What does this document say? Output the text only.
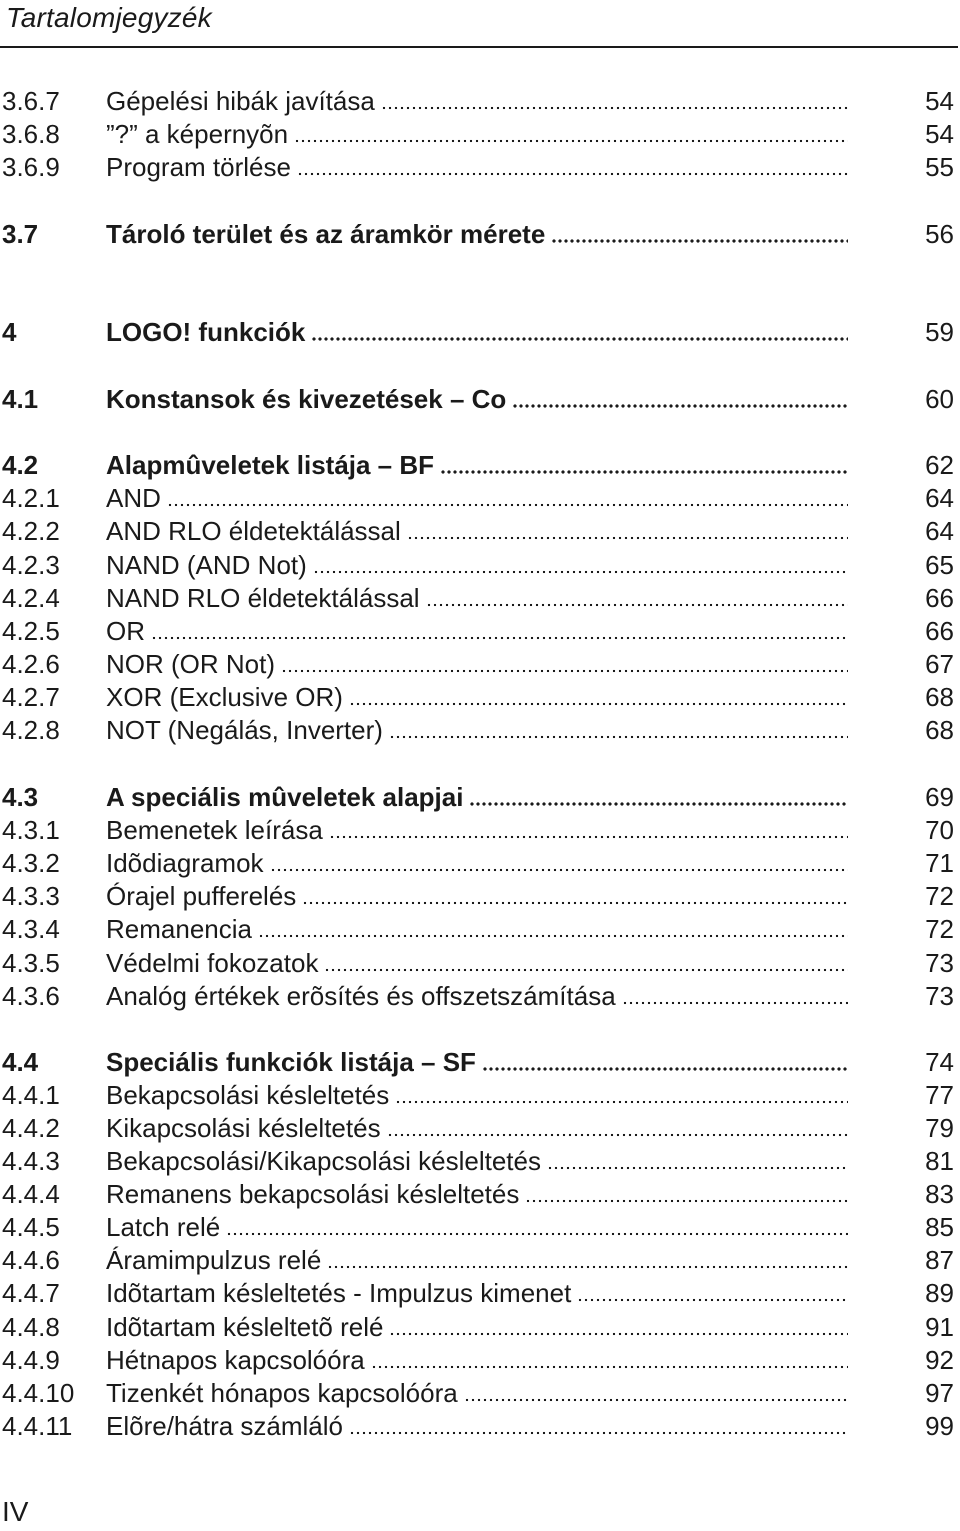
Tartalomjegyzék
3.6.7 Gépelési hibák javítása	54
3.6.8 ”?” a képernyõn	54
3.6.9 Program törlése	55
3.7	Tároló terület és az áramkör mérete	56
4	LOGO! funkciók	59
4.1	Konstansok és kivezetések – Co	60
4.2	Alapmûveletek listája – BF	62
4.2.1 AND	64
4.2.2 AND RLO éldetektálással	64
4.2.3 NAND (AND Not)	65
4.2.4 NAND RLO éldetektálással	66
4.2.5 OR	66
4.2.6 NOR (OR Not)	67
4.2.7 XOR (Exclusive OR)	68
4.2.8 NOT (Negálás, Inverter)	68
4.3	A speciális mûveletek alapjai	69
4.3.1 Bemenetek leírása	70
4.3.2 Idõdiagramok	71
4.3.3 Órajel pufferelés	72
4.3.4 Remanencia	72
4.3.5 Védelmi fokozatok	73
4.3.6 Analóg értékek erõsítés és offszetszámítása	73
4.4	Speciális funkciók listája – SF	74
4.4.1 Bekapcsolási késleltetés	77
4.4.2 Kikapcsolási késleltetés	79
4.4.3 Bekapcsolási/Kikapcsolási késleltetés	81
4.4.4 Remanens bekapcsolási késleltetés	83
4.4.5 Latch relé	85
4.4.6 Áramimpulzus relé	87
4.4.7 Idõtartam késleltetés - Impulzus kimenet	89
4.4.8 Idõtartam késleltetõ relé	91
4.4.9 Hétnapos kapcsolóóra	92
4.4.10 Tizenkét hónapos kapcsolóóra	97
4.4.11 Elõre/hátra számláló	99
IV
